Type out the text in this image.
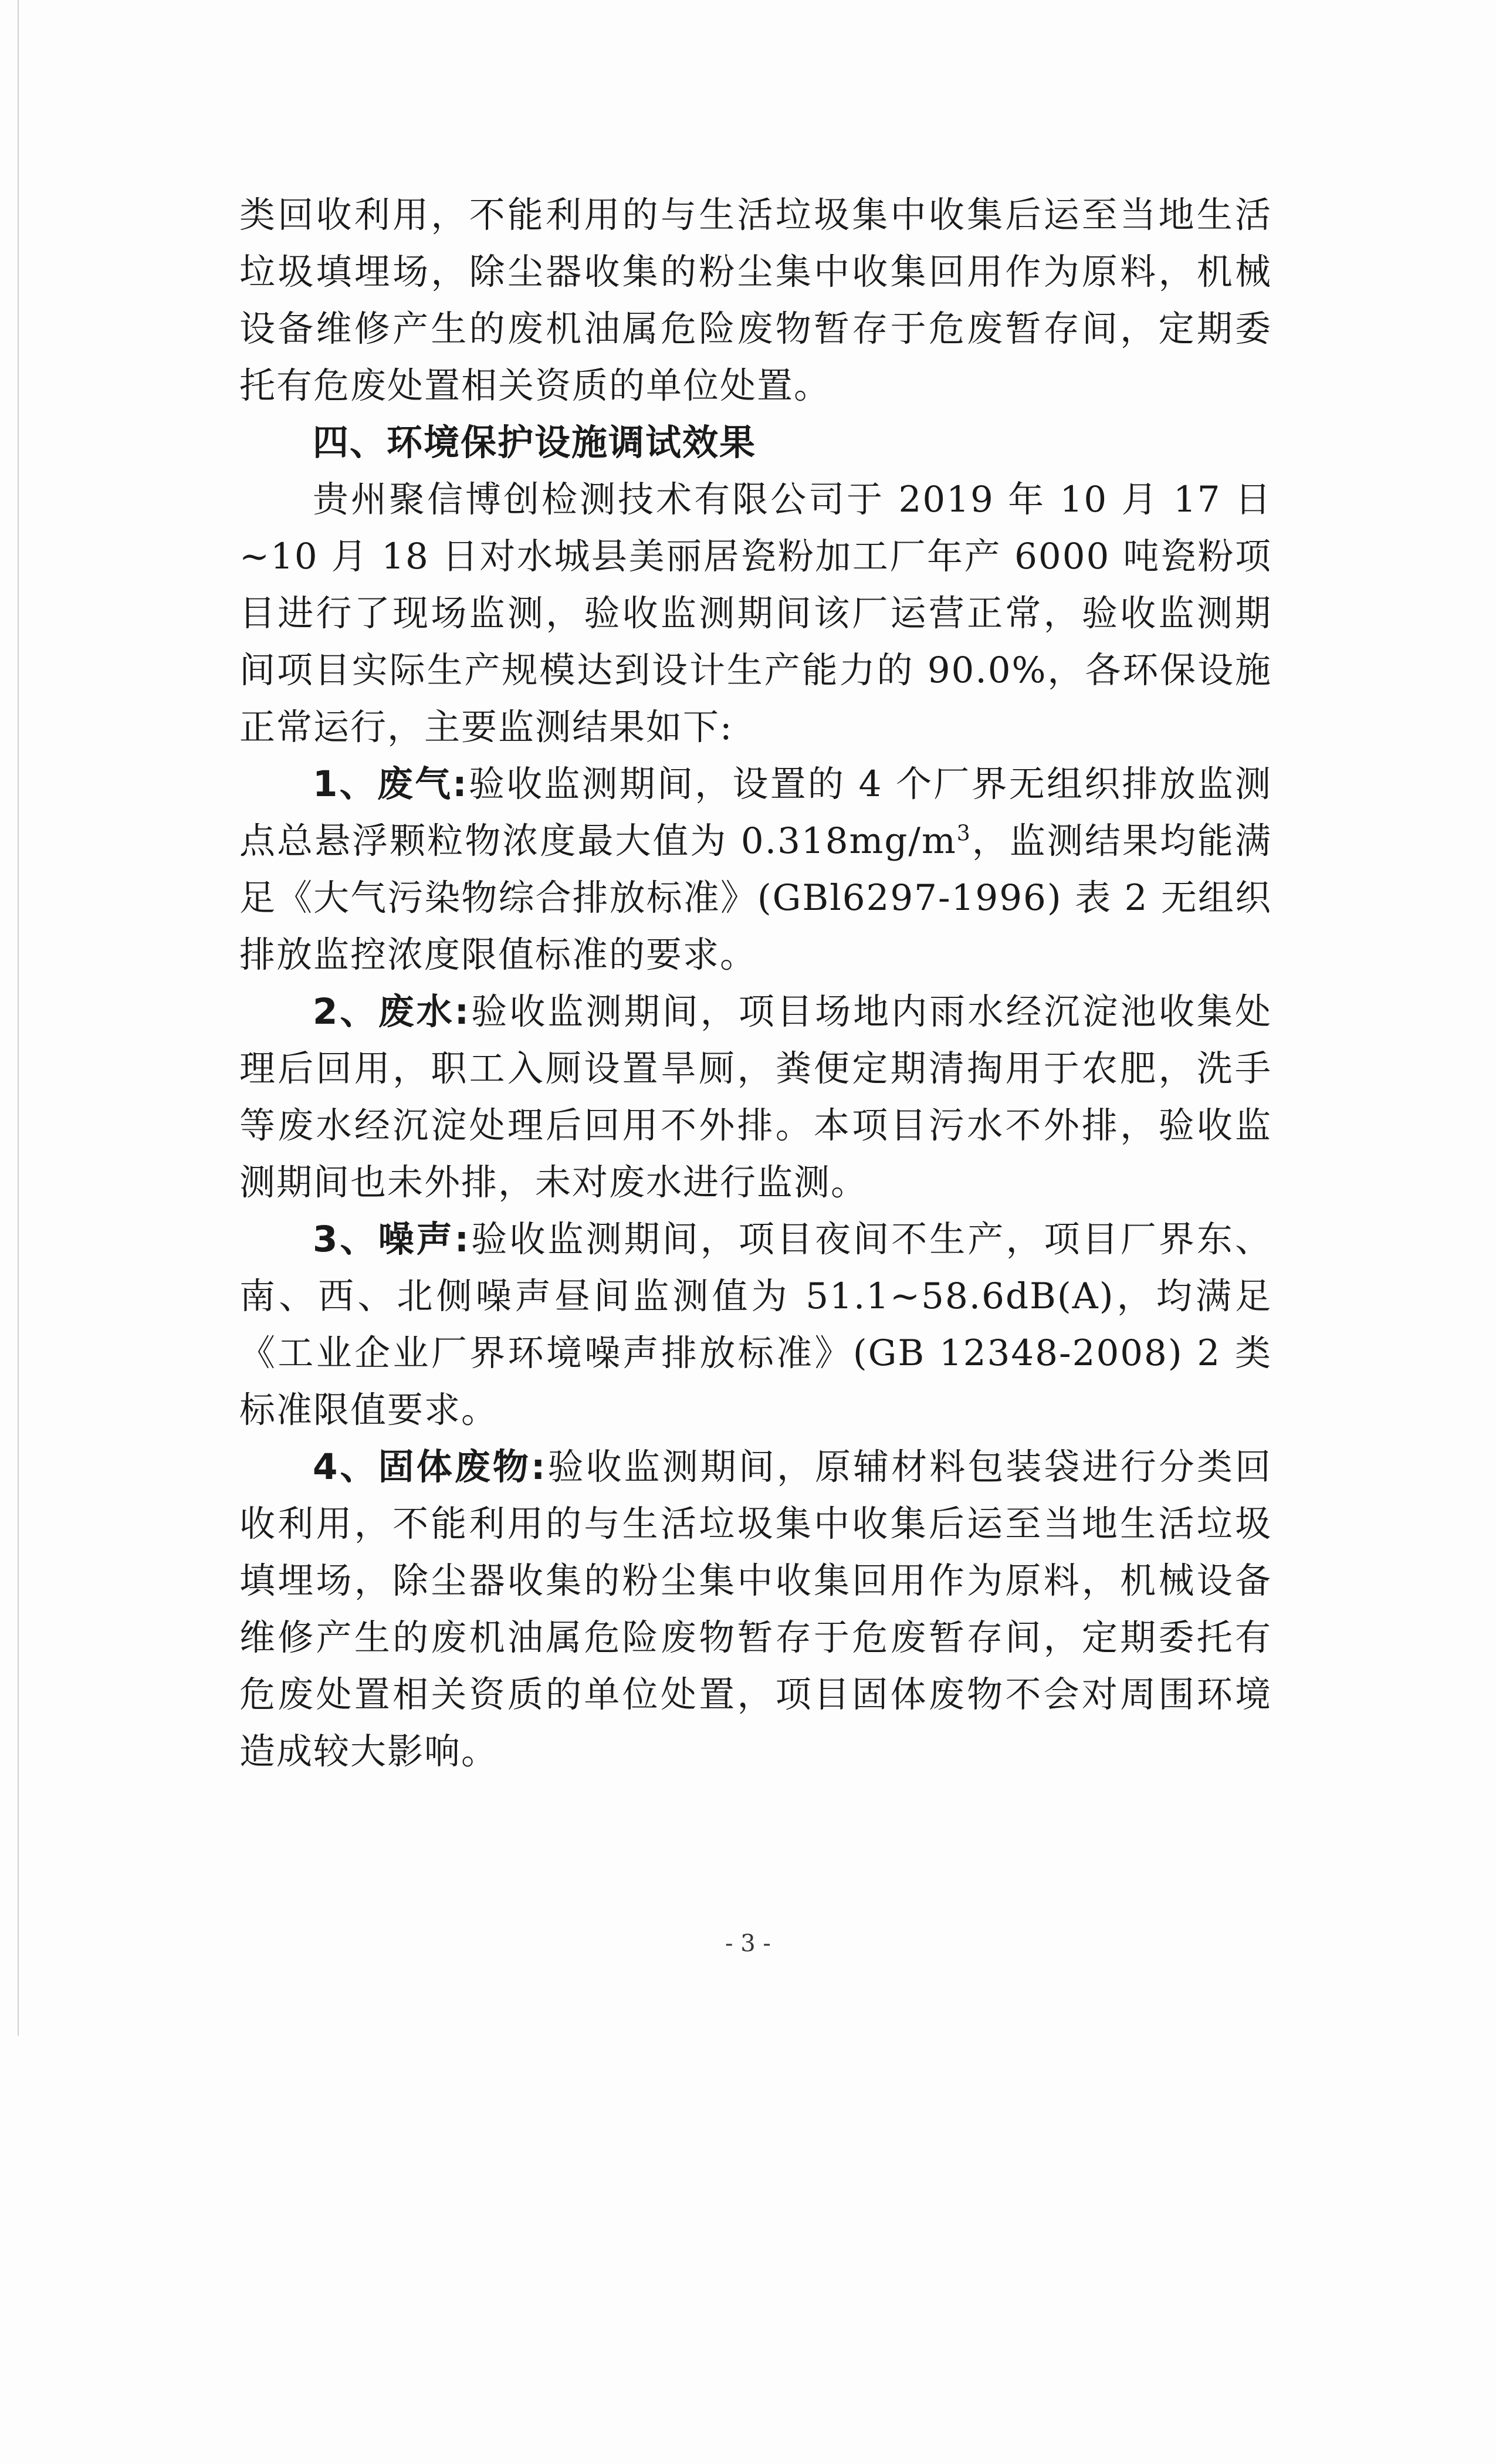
类回收利用，不能利用的与生活垃圾集中收集后运至当地生活垃圾填埋场，除尘器收集的粉尘集中收集回用作为原料，机械设备维修产生的废机油属危险废物暂存于危废暂存间，定期委托有危废处置相关资质的单位处置。

四、环境保护设施调试效果

贵州聚信博创检测技术有限公司于 2019 年 10 月 17 日~10 月 18 日对水城县美丽居瓷粉加工厂年产 6000 吨瓷粉项目进行了现场监测，验收监测期间该厂运营正常，验收监测期间项目实际生产规模达到设计生产能力的 90.0%，各环保设施正常运行，主要监测结果如下:

1、废气:验收监测期间，设置的 4 个厂界无组织排放监测点总悬浮颗粒物浓度最大值为 $0.318mg/m^3$，监测结果均能满足《大气污染物综合排放标准》(GBl6297-1996) 表 2 无组织排放监控浓度限值标准的要求。

2、废水:验收监测期间，项目场地内雨水经沉淀池收集处理后回用，职工入厕设置旱厕，粪便定期清掏用于农肥，洗手等废水经沉淀处理后回用不外排。本项目污水不外排，验收监测期间也未外排，未对废水进行监测。

3、噪声:验收监测期间，项目夜间不生产，项目厂界东、南、西、北侧噪声昼间监测值为 51.1~58.6dB(A)，均满足《工业企业厂界环境噪声排放标准》(GB 12348-2008) 2 类标准限值要求。

4、固体废物:验收监测期间，原辅材料包装袋进行分类回收利用，不能利用的与生活垃圾集中收集后运至当地生活垃圾填埋场，除尘器收集的粉尘集中收集回用作为原料，机械设备维修产生的废机油属危险废物暂存于危废暂存间，定期委托有危废处置相关资质的单位处置，项目固体废物不会对周围环境造成较大影响。

- 3 -
